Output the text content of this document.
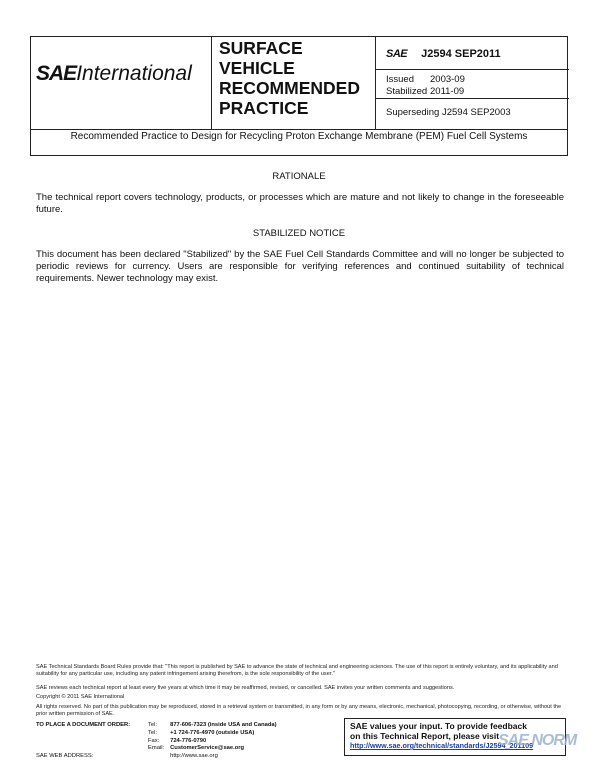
SAEInternational
SURFACE
VEHICLE
RECOMMENDED
PRACTICE
SAE J2594 SEP2011
Issued 2003-09
Stabilized 2011-09
Superseding J2594 SEP2003
Recommended Practice to Design for Recycling Proton Exchange Membrane (PEM) Fuel Cell Systems
RATIONALE
The technical report covers technology, products, or processes which are mature and not likely to change in the foreseeable future.
STABILIZED NOTICE
This document has been declared "Stabilized" by the SAE Fuel Cell Standards Committee and will no longer be subjected to periodic reviews for currency. Users are responsible for verifying references and continued suitability of technical requirements. Newer technology may exist.
SAE Technical Standards Board Rules provide that: "This report is published by SAE to advance the state of technical and engineering sciences. The use of this report is entirely voluntary, and its applicability and suitability for any particular use, including any patent infringement arising therefrom, is the sole responsibility of the user."
SAE reviews each technical report at least every five years at which time it may be reaffirmed, revised, or cancelled. SAE invites your written comments and suggestions.
Copyright © 2011 SAE International
All rights reserved. No part of this publication may be reproduced, stored in a retrieval system or transmitted, in any form or by any means, electronic, mechanical, photocopying, recording, or otherwise, without the prior written permission of SAE.
TO PLACE A DOCUMENT ORDER:	Tel:	877-606-7323 (inside USA and Canada)
	Tel:	+1 724-776-4970 (outside USA)
	Fax:	724-776-0790
	Email:	CustomerService@sae.org
SAE WEB ADDRESS:		http://www.sae.org
SAE values your input. To provide feedback
on this Technical Report, please visit
http://www.sae.org/technical/standards/J2594_201109
SAE NORM
